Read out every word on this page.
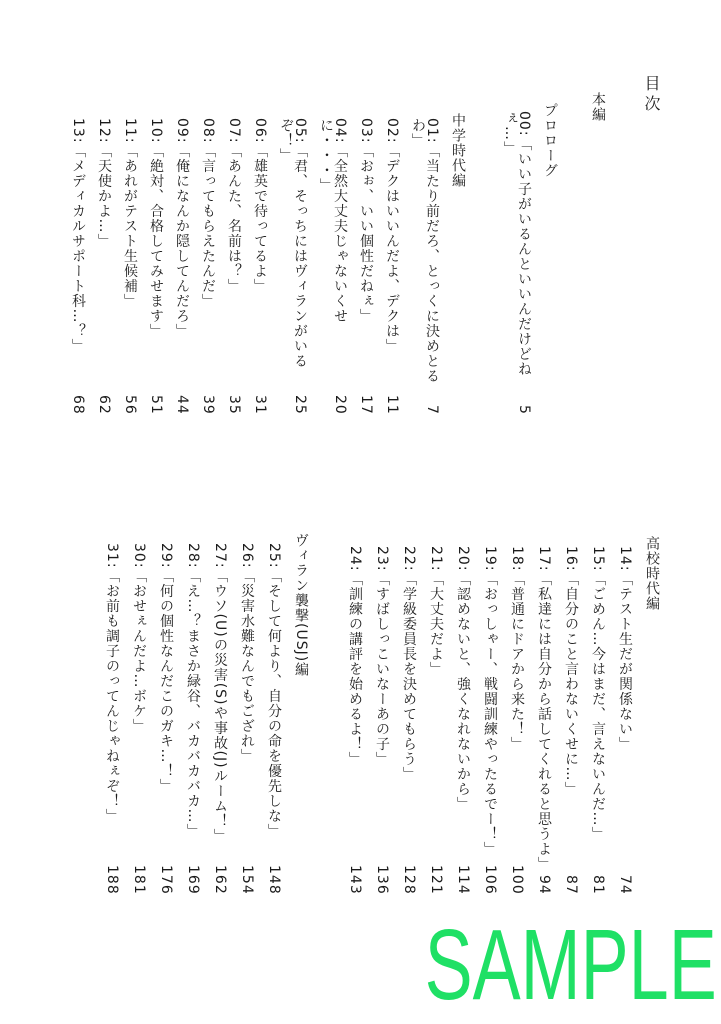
目次
本編
プロローグ
00:「いい子がいるんといいんだけどねぇ…」
5
中学時代編
01:「当たり前だろ、とっくに決めとるわ」
7
02:「デクはいいんだよ、デクは」
11
03:「おぉ、いい個性だねぇ」
17
04:「全然大丈夫じゃないくせに・・・」
20
05:「君、そっちにはヴィランがいるぞ！」
25
06:「雄英で待ってるよ」
31
07:「あんた、名前は？」
35
08:「言ってもらえたんだ」
39
09:「俺になんか隠してんだろ」
44
10:「絶対、合格してみせます」
51
11:「あれがテスト生候補」
56
12:「天使かよ…」
62
13:「メディカルサポート科…？」
68
高校時代編
14:「テスト生だが関係ない」
74
15:「ごめん…今はまだ、言えないんだ…」
81
16:「自分のこと言わないくせに…」
87
17:「私達には自分から話してくれると思うよ」
94
18:「普通にドアから来た！」
100
19:「おっしゃー、戦闘訓練やったるでー！」
106
20:「認めないと、強くなれないから」
114
21:「大丈夫だよ」
121
22:「学級委員長を決めてもらう」
128
23:「すばしっこいなーあの子」
136
24:「訓練の講評を始めるよ！」
143
ヴィラン襲撃(USJ)編
25:「そして何より、自分の命を優先しな」
148
26:「災害水難なんでもござれ」
154
27:「ウソ(U)の災害(S)や事故(J)ルーム！」
162
28:「え…？まさか緑谷、バカバカバカ…」
169
29:「何の個性なんだこのガキ…！」
176
30:「おせぇんだよ…ボケ」
181
31:「お前も調子のってんじゃねぇぞ！」
188
SAMPLE
